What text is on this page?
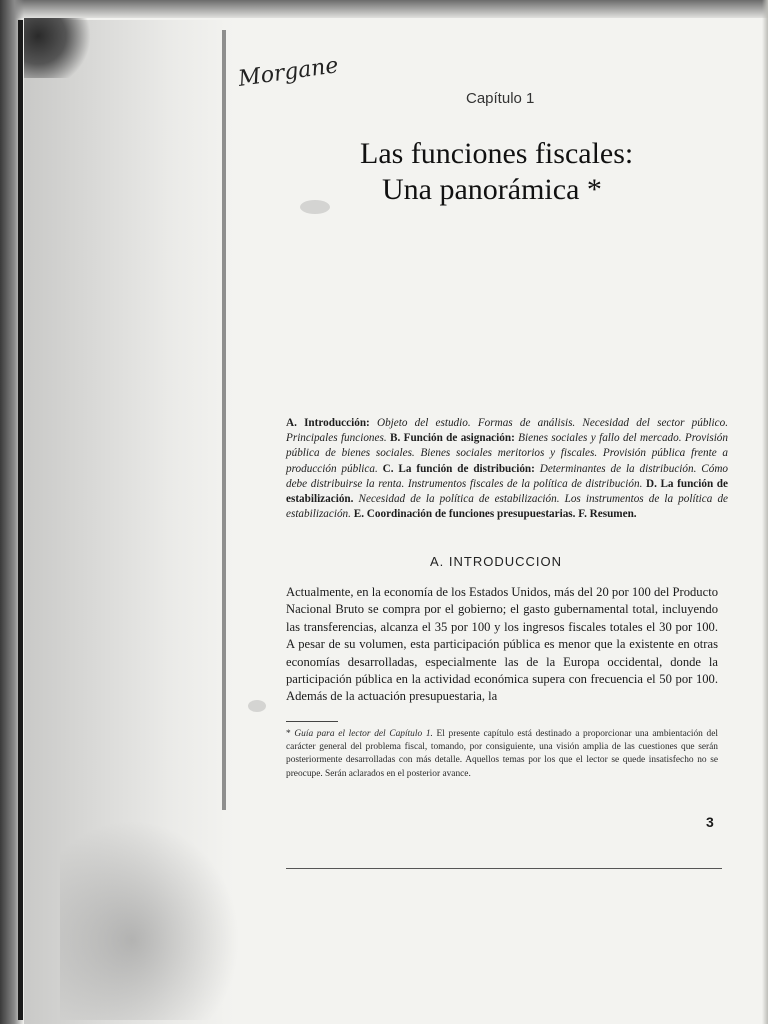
Morgane
Capítulo 1
Las funciones fiscales:
Una panorámica *
A. Introducción: Objeto del estudio. Formas de análisis. Necesidad del sector público. Principales funciones. B. Función de asignación: Bienes sociales y fallo del mercado. Provisión pública de bienes sociales. Bienes sociales meritorios y fiscales. Provisión pública frente a producción pública. C. La función de distribución: Determinantes de la distribución. Cómo debe distribuirse la renta. Instrumentos fiscales de la política de distribución. D. La función de estabilización. Necesidad de la política de estabilización. Los instrumentos de la política de estabilización. E. Coordinación de funciones presupuestarias. F. Resumen.
A. INTRODUCCION
Actualmente, en la economía de los Estados Unidos, más del 20 por 100 del Producto Nacional Bruto se compra por el gobierno; el gasto gubernamental total, incluyendo las transferencias, alcanza el 35 por 100 y los ingresos fiscales totales el 30 por 100. A pesar de su volumen, esta participación pública es menor que la existente en otras economías desarrolladas, especialmente las de la Europa occidental, donde la participación pública en la actividad económica supera con frecuencia el 50 por 100. Además de la actuación presupuestaria, la
* Guía para el lector del Capítulo 1. El presente capítulo está destinado a proporcionar una ambientación del carácter general del problema fiscal, tomando, por consiguiente, una visión amplia de las cuestiones que serán posteriormente desarrolladas con más detalle. Aquellos temas por los que el lector se quede insatisfecho no se preocupe. Serán aclarados en el posterior avance.
3
